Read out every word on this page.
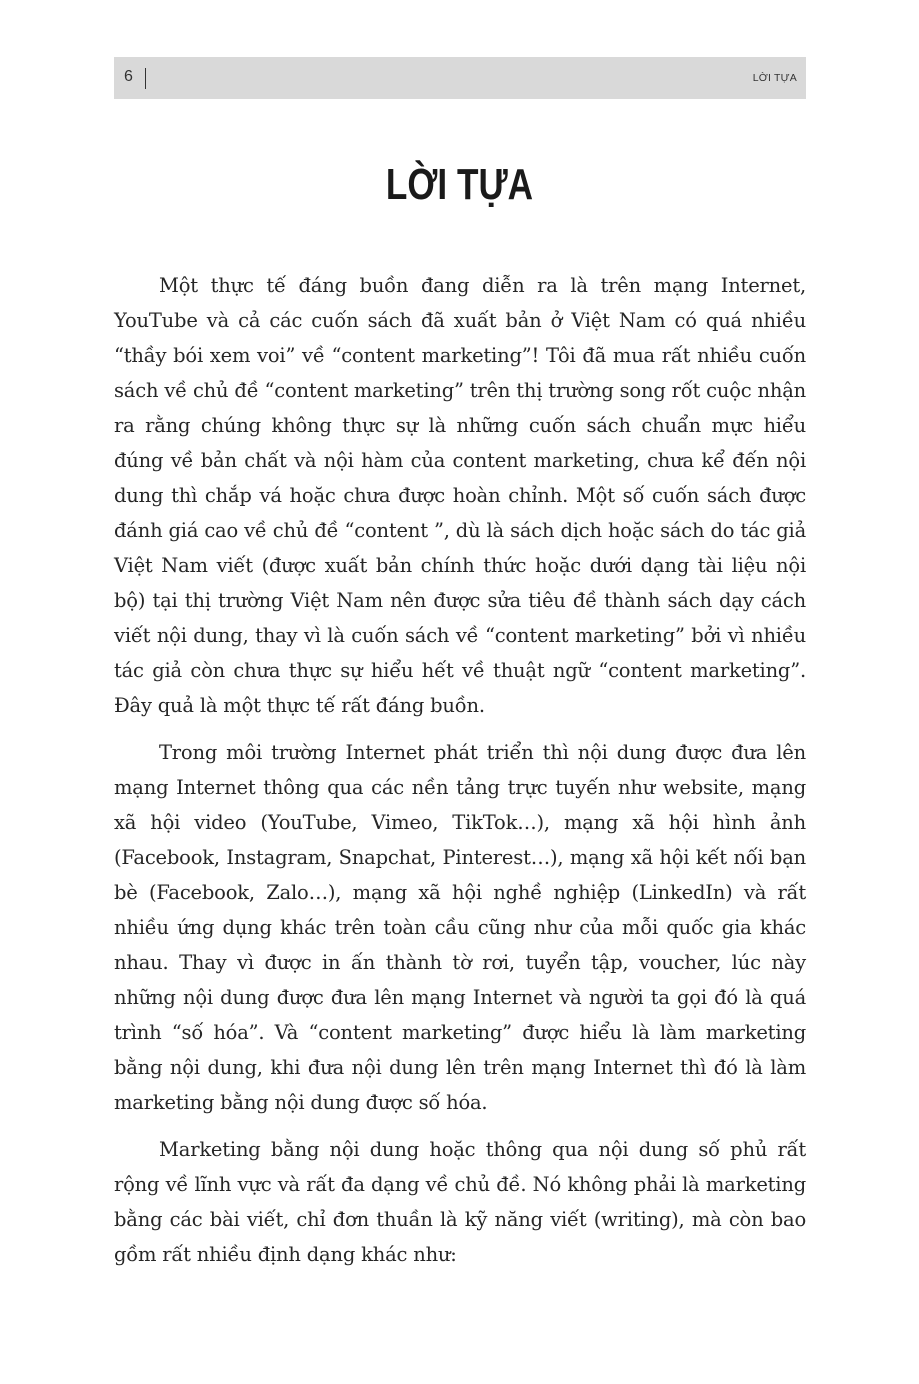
6	LỜI TỰA
LỜI TỰA

Một thực tế đáng buồn đang diễn ra là trên mạng Internet, YouTube và cả các cuốn sách đã xuất bản ở Việt Nam có quá nhiều “thầy bói xem voi” về “content marketing”! Tôi đã mua rất nhiều cuốn sách về chủ đề “content marketing” trên thị trường song rốt cuộc nhận ra rằng chúng không thực sự là những cuốn sách chuẩn mực hiểu đúng về bản chất và nội hàm của content marketing, chưa kể đến nội dung thì chắp vá hoặc chưa được hoàn chỉnh. Một số cuốn sách được đánh giá cao về chủ đề “content ”, dù là sách dịch hoặc sách do tác giả Việt Nam viết (được xuất bản chính thức hoặc dưới dạng tài liệu nội bộ) tại thị trường Việt Nam nên được sửa tiêu đề thành sách dạy cách viết nội dung, thay vì là cuốn sách về “content marketing” bởi vì nhiều tác giả còn chưa thực sự hiểu hết về thuật ngữ “content marketing”. Đây quả là một thực tế rất đáng buồn.

Trong môi trường Internet phát triển thì nội dung được đưa lên mạng Internet thông qua các nền tảng trực tuyến như website, mạng xã hội video (YouTube, Vimeo, TikTok…), mạng xã hội hình ảnh (Facebook, Instagram, Snapchat, Pinterest…), mạng xã hội kết nối bạn bè (Facebook, Zalo…), mạng xã hội nghề nghiệp (LinkedIn) và rất nhiều ứng dụng khác trên toàn cầu cũng như của mỗi quốc gia khác nhau. Thay vì được in ấn thành tờ rơi, tuyển tập, voucher, lúc này những nội dung được đưa lên mạng Internet và người ta gọi đó là quá trình “số hóa”. Và “content marketing” được hiểu là làm marketing bằng nội dung, khi đưa nội dung lên trên mạng Internet thì đó là làm marketing bằng nội dung được số hóa.

Marketing bằng nội dung hoặc thông qua nội dung số phủ rất rộng về lĩnh vực và rất đa dạng về chủ đề. Nó không phải là marketing bằng các bài viết, chỉ đơn thuần là kỹ năng viết (writing), mà còn bao gồm rất nhiều định dạng khác như:
